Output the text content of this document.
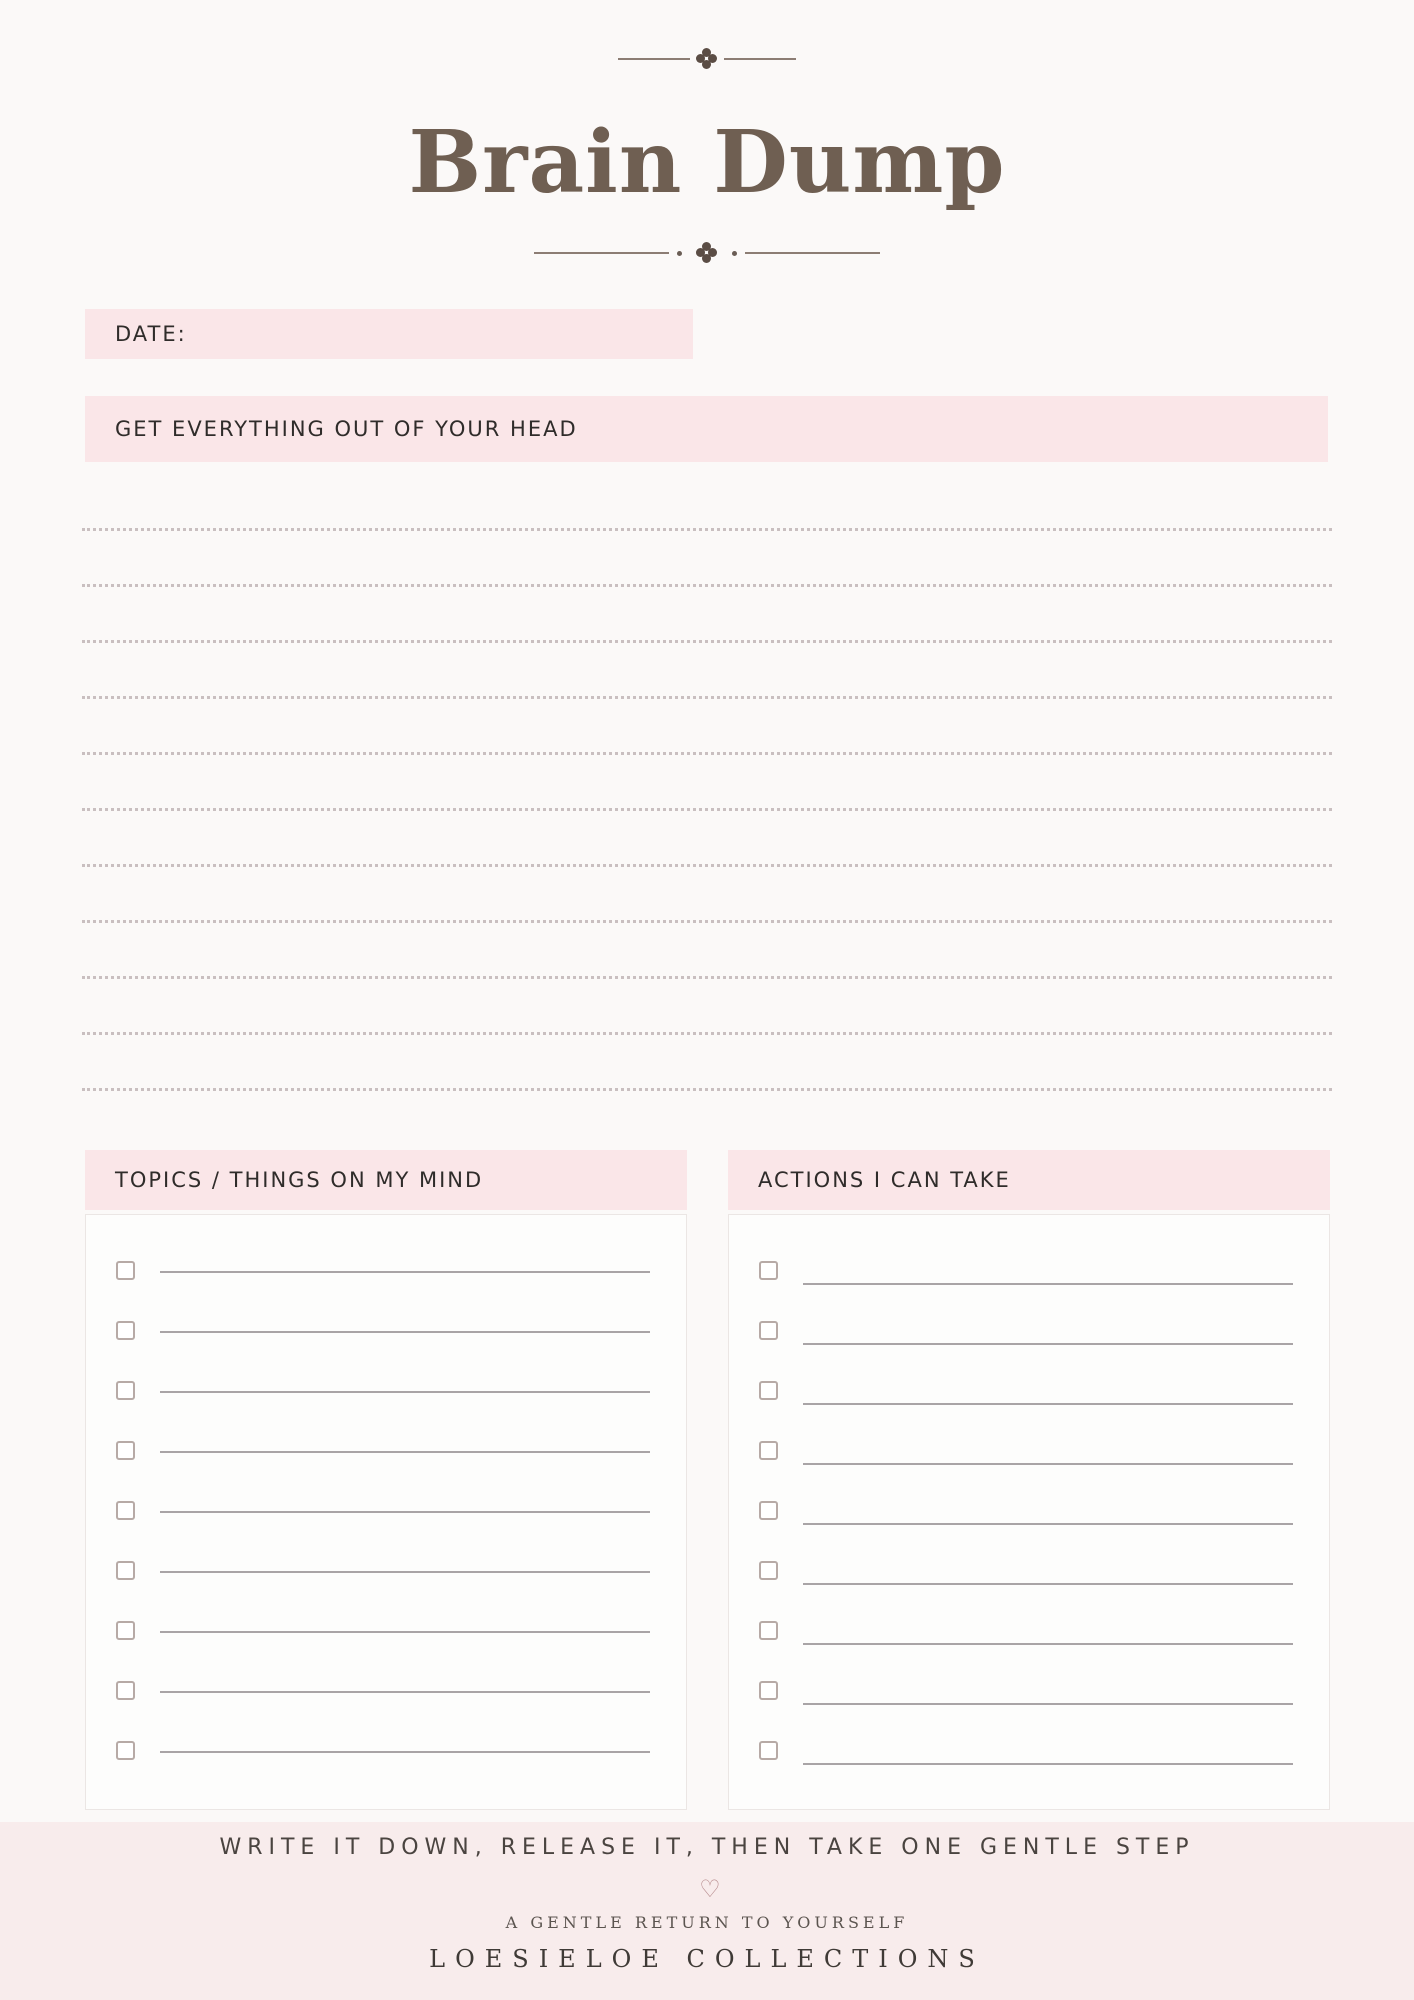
Brain Dump
DATE:
GET EVERYTHING OUT OF YOUR HEAD
TOPICS / THINGS ON MY MIND	ACTIONS I CAN TAKE
WRITE IT DOWN, RELEASE IT, THEN TAKE ONE GENTLE STEP
♡
A GENTLE RETURN TO YOURSELF
LOESIELOE COLLECTIONS
